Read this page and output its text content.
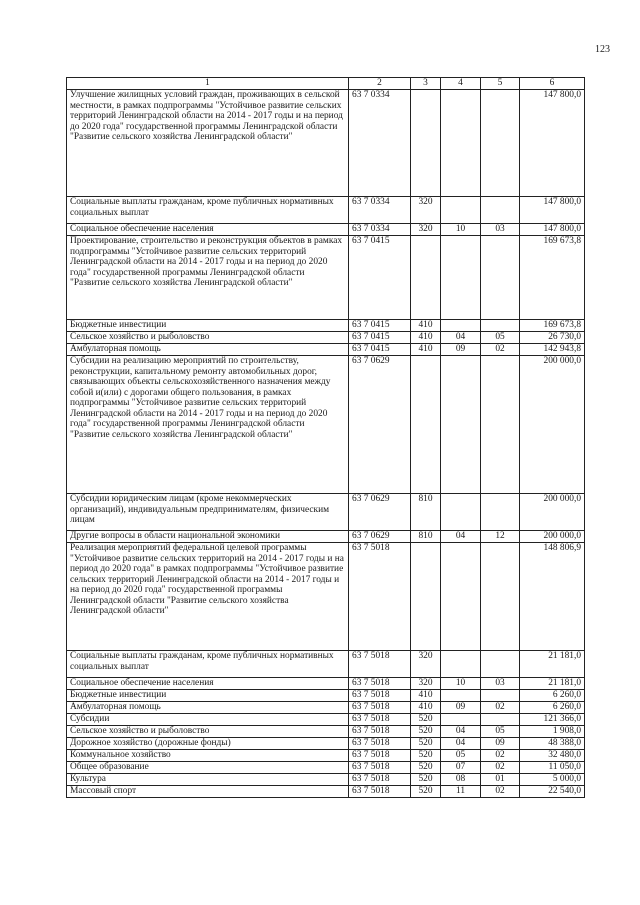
123
1	2	3	4	5	6
Улучшение жилищных условий граждан, проживающих в сельской местности, в рамках подпрограммы "Устойчивое развитие сельских территорий Ленинградской области на 2014 - 2017 годы и на период до 2020 года" государственной программы Ленинградской области "Развитие сельского хозяйства Ленинградской области"	63 7 0334				147 800,0
Социальные выплаты гражданам, кроме публичных нормативных социальных выплат	63 7 0334	320			147 800,0
Социальное обеспечение населения	63 7 0334	320	10	03	147 800,0
Проектирование, строительство и реконструкция объектов в рамках подпрограммы "Устойчивое развитие сельских территорий Ленинградской области на 2014 - 2017 годы и на период до 2020 года" государственной программы Ленинградской области "Развитие сельского хозяйства Ленинградской области"	63 7 0415				169 673,8
Бюджетные инвестиции	63 7 0415	410			169 673,8
Сельское хозяйство и рыболовство	63 7 0415	410	04	05	26 730,0
Амбулаторная помощь	63 7 0415	410	09	02	142 943,8
Субсидии на реализацию мероприятий по строительству, реконструкции, капитальному ремонту автомобильных дорог, связывающих объекты сельскохозяйственного назначения между собой и(или) с дорогами общего пользования, в рамках подпрограммы "Устойчивое развитие сельских территорий Ленинградской области на 2014 - 2017 годы и на период до 2020 года" государственной программы Ленинградской области "Развитие сельского хозяйства Ленинградской области"	63 7 0629				200 000,0
Субсидии юридическим лицам (кроме некоммерческих организаций), индивидуальным предпринимателям, физическим лицам	63 7 0629	810			200 000,0
Другие вопросы в области национальной экономики	63 7 0629	810	04	12	200 000,0
Реализация мероприятий федеральной целевой программы "Устойчивое развитие сельских территорий на 2014 - 2017 годы и на период до 2020 года" в рамках подпрограммы "Устойчивое развитие сельских территорий Ленинградской области на 2014 - 2017 годы и на период до 2020 года" государственной программы Ленинградской области "Развитие сельского хозяйства Ленинградской области"	63 7 5018				148 806,9
Социальные выплаты гражданам, кроме публичных нормативных социальных выплат	63 7 5018	320			21 181,0
Социальное обеспечение населения	63 7 5018	320	10	03	21 181,0
Бюджетные инвестиции	63 7 5018	410			6 260,0
Амбулаторная помощь	63 7 5018	410	09	02	6 260,0
Субсидии	63 7 5018	520			121 366,0
Сельское хозяйство и рыболовство	63 7 5018	520	04	05	1 908,0
Дорожное хозяйство (дорожные фонды)	63 7 5018	520	04	09	48 388,0
Коммунальное хозяйство	63 7 5018	520	05	02	32 480,0
Общее образование	63 7 5018	520	07	02	11 050,0
Культура	63 7 5018	520	08	01	5 000,0
Массовый спорт	63 7 5018	520	11	02	22 540,0
